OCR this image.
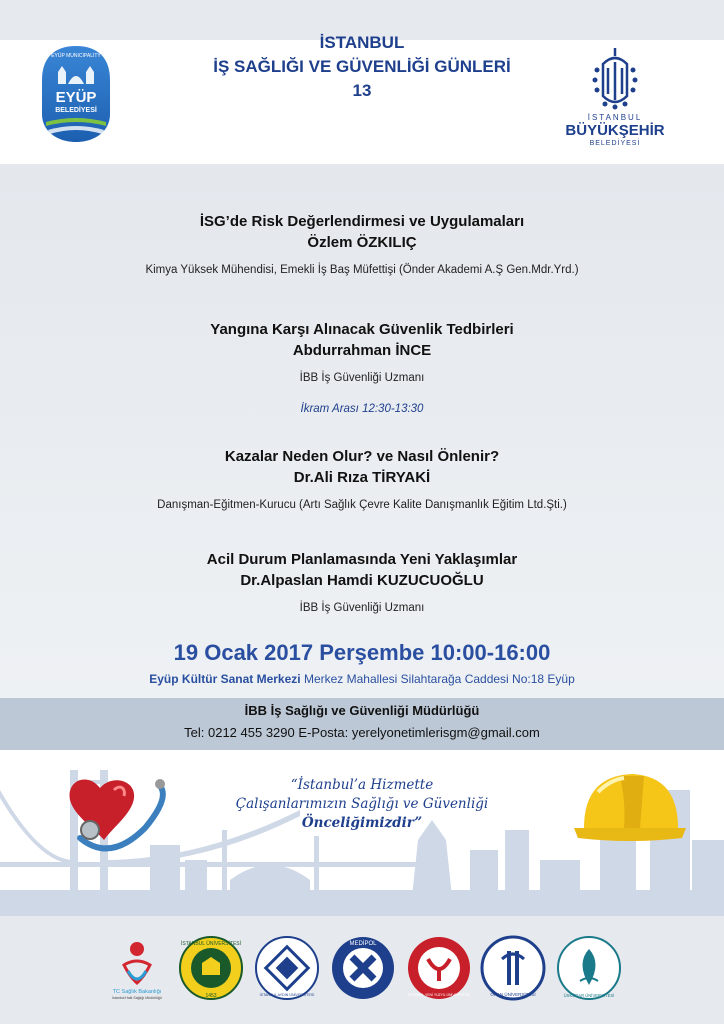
EYÜP MUNICIPALITY
EYÜP
BELEDİYESİ
İSTANBUL
İŞ SAĞLIĞI VE GÜVENLİĞİ GÜNLERİ
13
İSTANBUL
BÜYÜKŞEHİR
BELEDİYESİ
İSG’de Risk Değerlendirmesi ve Uygulamaları
Özlem ÖZKILIÇ
Kimya Yüksek Mühendisi, Emekli İş Baş Müfettişi (Önder Akademi A.Ş Gen.Mdr.Yrd.)
Yangına Karşı Alınacak Güvenlik Tedbirleri
Abdurrahman İNCE
İBB İş Güvenliği Uzmanı
İkram Arası 12:30-13:30
Kazalar Neden Olur? ve Nasıl Önlenir?
Dr.Ali Rıza TİRYAKİ
Danışman-Eğitmen-Kurucu (Artı Sağlık Çevre Kalite Danışmanlık Eğitim Ltd.Şti.)
Acil Durum Planlamasında Yeni Yaklaşımlar
Dr.Alpaslan Hamdi KUZUCUOĞLU
İBB İş Güvenliği Uzmanı
19 Ocak 2017 Perşembe 10:00-16:00
Eyüp Kültür Sanat Merkezi Merkez Mahallesi Silahtarağa Caddesi No:18 Eyüp
İBB İş Sağlığı ve Güvenliği Müdürlüğü
Tel: 0212 455 3290 E-Posta: yerelyonetimlerisgm@gmail.com
“İstanbul’a Hizmette
Çalışanlarımızın Sağlığı ve Güvenliği
Önceliğimizdir”
TC Sağlık Bakanlığı
İstanbul Halk Sağlığı Müdürlüğü
İSTANBUL ÜNİVERSİTESİ
1453	İSTANBUL AYDIN ÜNİVERSİTESİ
MEDİPOL
İSTANBUL YENİ YÜZYIL ÜNİVERSİTESİ	OKAN ÜNİVERSİTESİ	ÜSKÜDAR ÜNİVERSİTESİ
